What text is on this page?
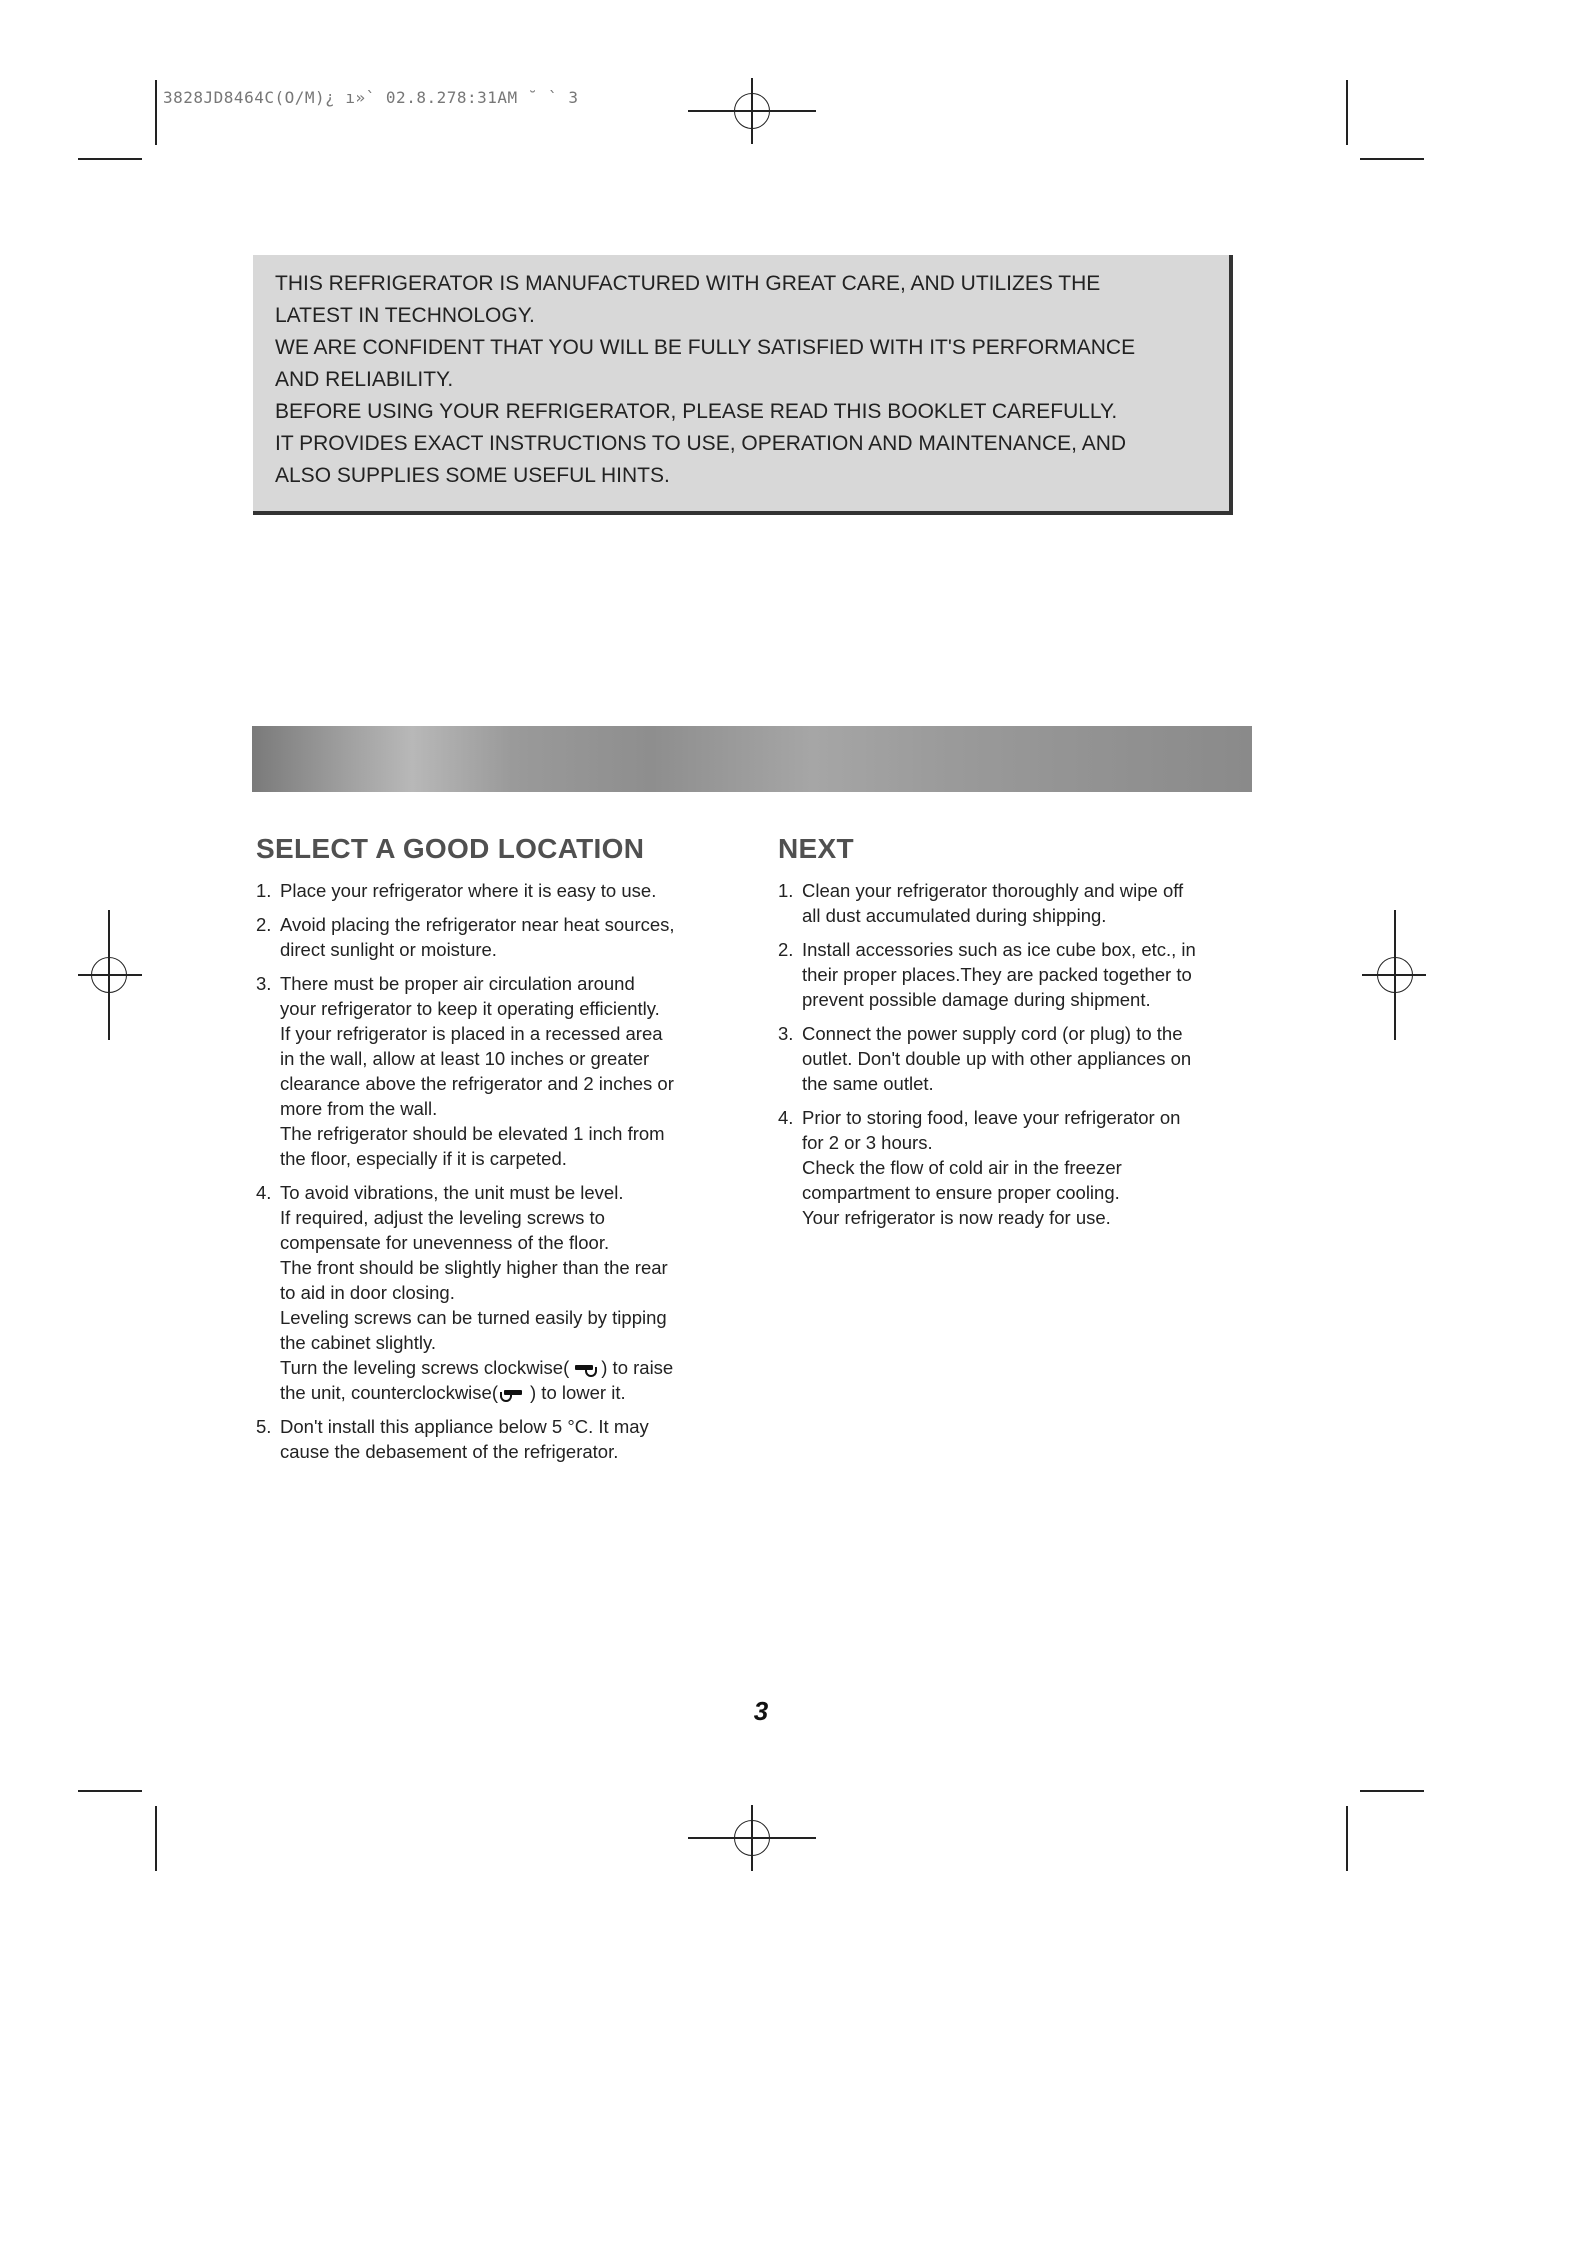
3828JD8464C(O/M)¿ ı»` 02.8.278:31AM ˘ ` 3

THIS REFRIGERATOR IS MANUFACTURED WITH GREAT CARE, AND UTILIZES THE

LATEST IN TECHNOLOGY.

WE ARE CONFIDENT THAT YOU WILL BE FULLY SATISFIED WITH IT'S PERFORMANCE

AND RELIABILITY.

BEFORE USING YOUR REFRIGERATOR, PLEASE READ THIS BOOKLET CAREFULLY.

IT PROVIDES EXACT INSTRUCTIONS TO USE, OPERATION AND MAINTENANCE, AND

ALSO SUPPLIES SOME USEFUL HINTS.

SELECT A GOOD LOCATION
1. Place your refrigerator where it is easy to use.
2. Avoid placing the refrigerator near heat sources,
direct sunlight or moisture.
3. There must be proper air circulation around
your refrigerator to keep it operating efficiently.
If your refrigerator is placed in a recessed area
in the wall, allow at least 10 inches or greater
clearance above the refrigerator and 2 inches or
more from the wall.
The refrigerator should be elevated 1 inch from
the floor, especially if it is carpeted.
4. To avoid vibrations, the unit must be level.
If required, adjust the leveling screws to
compensate for unevenness of the floor.
The front should be slightly higher than the rear
to aid in door closing.
Leveling screws can be turned easily by tipping
the cabinet slightly.
Turn the leveling screws clockwise( ) to raise
the unit, counterclockwise( ) to lower it.
5. Don't install this appliance below 5 °C. It may
cause the debasement of the refrigerator.
NEXT
1. Clean your refrigerator thoroughly and wipe off
all dust accumulated during shipping.
2. Install accessories such as ice cube box, etc., in
their proper places.They are packed together to
prevent possible damage during shipment.
3. Connect the power supply cord (or plug) to the
outlet. Don't double up with other appliances on
the same outlet.
4. Prior to storing food, leave your refrigerator on
for 2 or 3 hours.
Check the flow of cold air in the freezer
compartment to ensure proper cooling.
Your refrigerator is now ready for use.
3
